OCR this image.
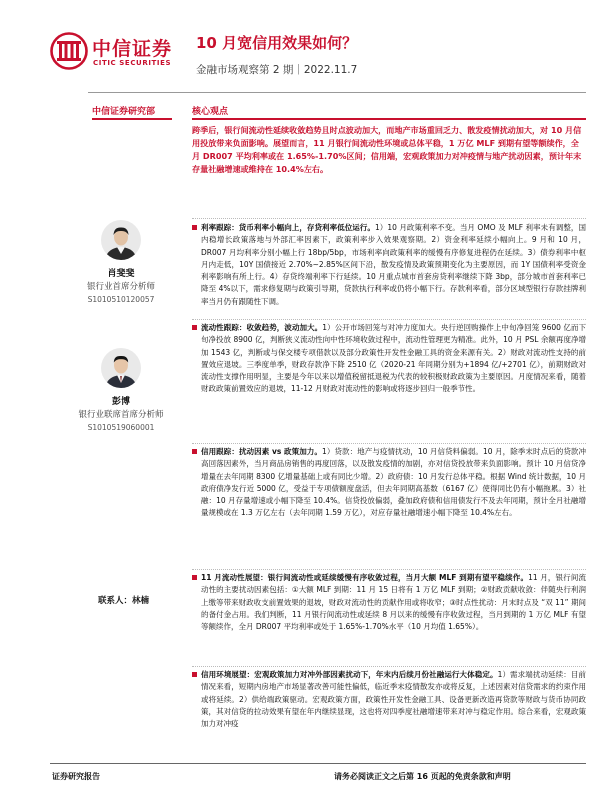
中信证券
CITIC SECURITIES
10 月宽信用效果如何？
金融市场观察第 2 期｜2022.11.7
中信证券研究部	核心观点
肖斐斐
银行业首席分析师
S1010510120057
彭博
银行业联席首席分析师
S1010519060001
联系人：林楠
跨季后，银行间流动性延续收敛趋势且时点波动加大，而地产市场重回乏力、散发疫情扰动加大，对 10 月信用投放带来负面影响。展望而言，11 月银行间流动性环境或总体平稳，1 万亿 MLF 到期有望等额续作，全月 DR007 平均利率或在 1.65%-1.70%区间；信用端，宏观政策加力对冲疫情与地产扰动因素，预计年末存量社融增速或维持在 10.4%左右。
利率跟踪：货币利率小幅向上，存贷利率低位运行。1）10 月政策利率不变。当月 OMO 及 MLF 利率未有调整，国内稳增长政策落地与外部汇率因素下，政策利率步入效果观察期。2）资金利率延续小幅向上。9 月和 10 月，DR007 月均利率分别小幅上行 18bp/5bp，市场利率向政策利率的缓慢有序修复进程仍在延续。3）债券利率中枢月内走低，10Y 国债接近 2.70%~2.85%区间下沿，散发疫情及政策预期变化为主要原因，而 1Y 国债利率受资金利率影响有所上行。4）存贷终端利率下行延续。10 月重点城市首套房贷利率继续下降 3bp，部分城市首套利率已降至 4%以下，需求修复期与政策引导期，贷款执行利率或仍将小幅下行。存款利率看，部分区域型银行存款挂牌利率当月仍有跟随性下调。
流动性跟踪：收敛趋势，波动加大。1）公开市场回笼与对冲力度加大。央行逆回购操作上中旬净回笼 9600 亿而下旬净投放 8900 亿，判断狭义流动性向中性环境收敛过程中，流动性管理更为精准。此外，10 月 PSL 余额再度净增加 1543 亿，判断或与保交楼专项借款以及部分政策性开发性金融工具的资金来源有关。2）财政对流动性支持的前置效应退坡。三季度单季，财政存款净下降 2510 亿（2020-21 年同期分别为+1894 亿/+2701 亿），前期财政对流动性支撑作用明显，主要是今年以来以增值税留抵退税为代表的较积极财政政策为主要原因。月度情况来看，随着财政政策前置效应的退坡，11-12 月财政对流动性的影响或将逐步回归一般季节性。
信用跟踪：扰动因素 vs 政策加力。1）贷款：地产与疫情扰动，10 月信贷料偏弱。10 月，除季末时点后的贷款冲高回落因素外，当月商品房销售的再度回落，以及散发疫情的加剧，亦对信贷投放带来负面影响。预计 10 月信贷净增量在去年同期 8300 亿增量基础上或有同比少增。2）政府债：10 月发行总体平稳。根据 Wind 统计数据，10 月政府债净发行近 5000 亿，受益于专项债额度盘活，但去年同期高基数（6167 亿）使得同比仍有小幅拖累。3）社融：10 月存量增速或小幅下降至 10.4%。信贷投放偏弱，叠加政府债和信用债发行不及去年同期，预计全月社融增量规模或在 1.3 万亿左右（去年同期 1.59 万亿），对应存量社融增速小幅下降至 10.4%左右。
11 月流动性展望：银行间流动性或延续缓慢有序收敛过程，当月大额 MLF 到期有望平稳续作。11 月，银行间流动性的主要扰动因素包括：①大额 MLF 到期：11 月 15 日将有 1 万亿 MLF 到期；②财政贡献收敛：伴随央行利润上缴等带来财政收支前置效果的退坡，财政对流动性的贡献作用或将收窄；③时点性扰动：月末时点及 “双 11” 期间的备付金占用。我们判断，11 月银行间流动性或延续 8 月以来的缓慢有序收敛过程，当月到期的 1 万亿 MLF 有望等额续作，全月 DR007 平均利率或处于 1.65%-1.70%水平（10 月均值 1.65%）。
信用环境展望：宏观政策加力对冲外部因素扰动下，年末内后续月份社融运行大体稳定。1）需求端扰动延续：目前情况来看，短期内房地产市场显著改善可能性偏低，临近季末疫情散发亦或将反复，上述因素对信贷需求的约束作用或将延续。2）供给端政策驱动。宏观政策方面，政策性开发性金融工具、设备更新改造再贷款等财政与货币协同政策，其对信贷的拉动效果有望在年内继续显现，这也将对四季度社融增速带来对冲与稳定作用。综合来看，宏观政策加力对冲疫
证券研究报告	请务必阅读正文之后第 16 页起的免责条款和声明
